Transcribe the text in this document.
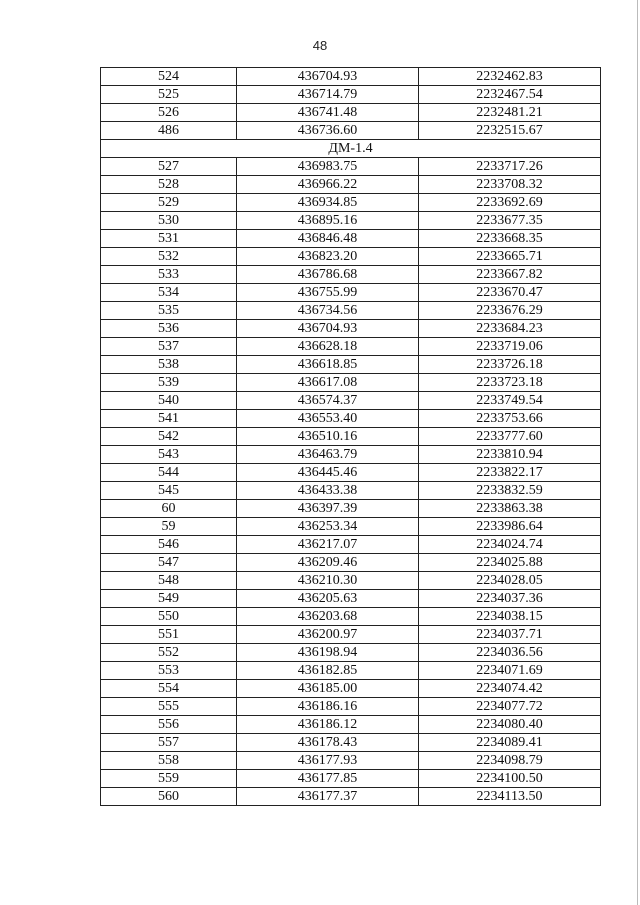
48
524	436704.93	2232462.83
525	436714.79	2232467.54
526	436741.48	2232481.21
486	436736.60	2232515.67
ДМ-1.4		
527	436983.75	2233717.26
528	436966.22	2233708.32
529	436934.85	2233692.69
530	436895.16	2233677.35
531	436846.48	2233668.35
532	436823.20	2233665.71
533	436786.68	2233667.82
534	436755.99	2233670.47
535	436734.56	2233676.29
536	436704.93	2233684.23
537	436628.18	2233719.06
538	436618.85	2233726.18
539	436617.08	2233723.18
540	436574.37	2233749.54
541	436553.40	2233753.66
542	436510.16	2233777.60
543	436463.79	2233810.94
544	436445.46	2233822.17
545	436433.38	2233832.59
60	436397.39	2233863.38
59	436253.34	2233986.64
546	436217.07	2234024.74
547	436209.46	2234025.88
548	436210.30	2234028.05
549	436205.63	2234037.36
550	436203.68	2234038.15
551	436200.97	2234037.71
552	436198.94	2234036.56
553	436182.85	2234071.69
554	436185.00	2234074.42
555	436186.16	2234077.72
556	436186.12	2234080.40
557	436178.43	2234089.41
558	436177.93	2234098.79
559	436177.85	2234100.50
560	436177.37	2234113.50
